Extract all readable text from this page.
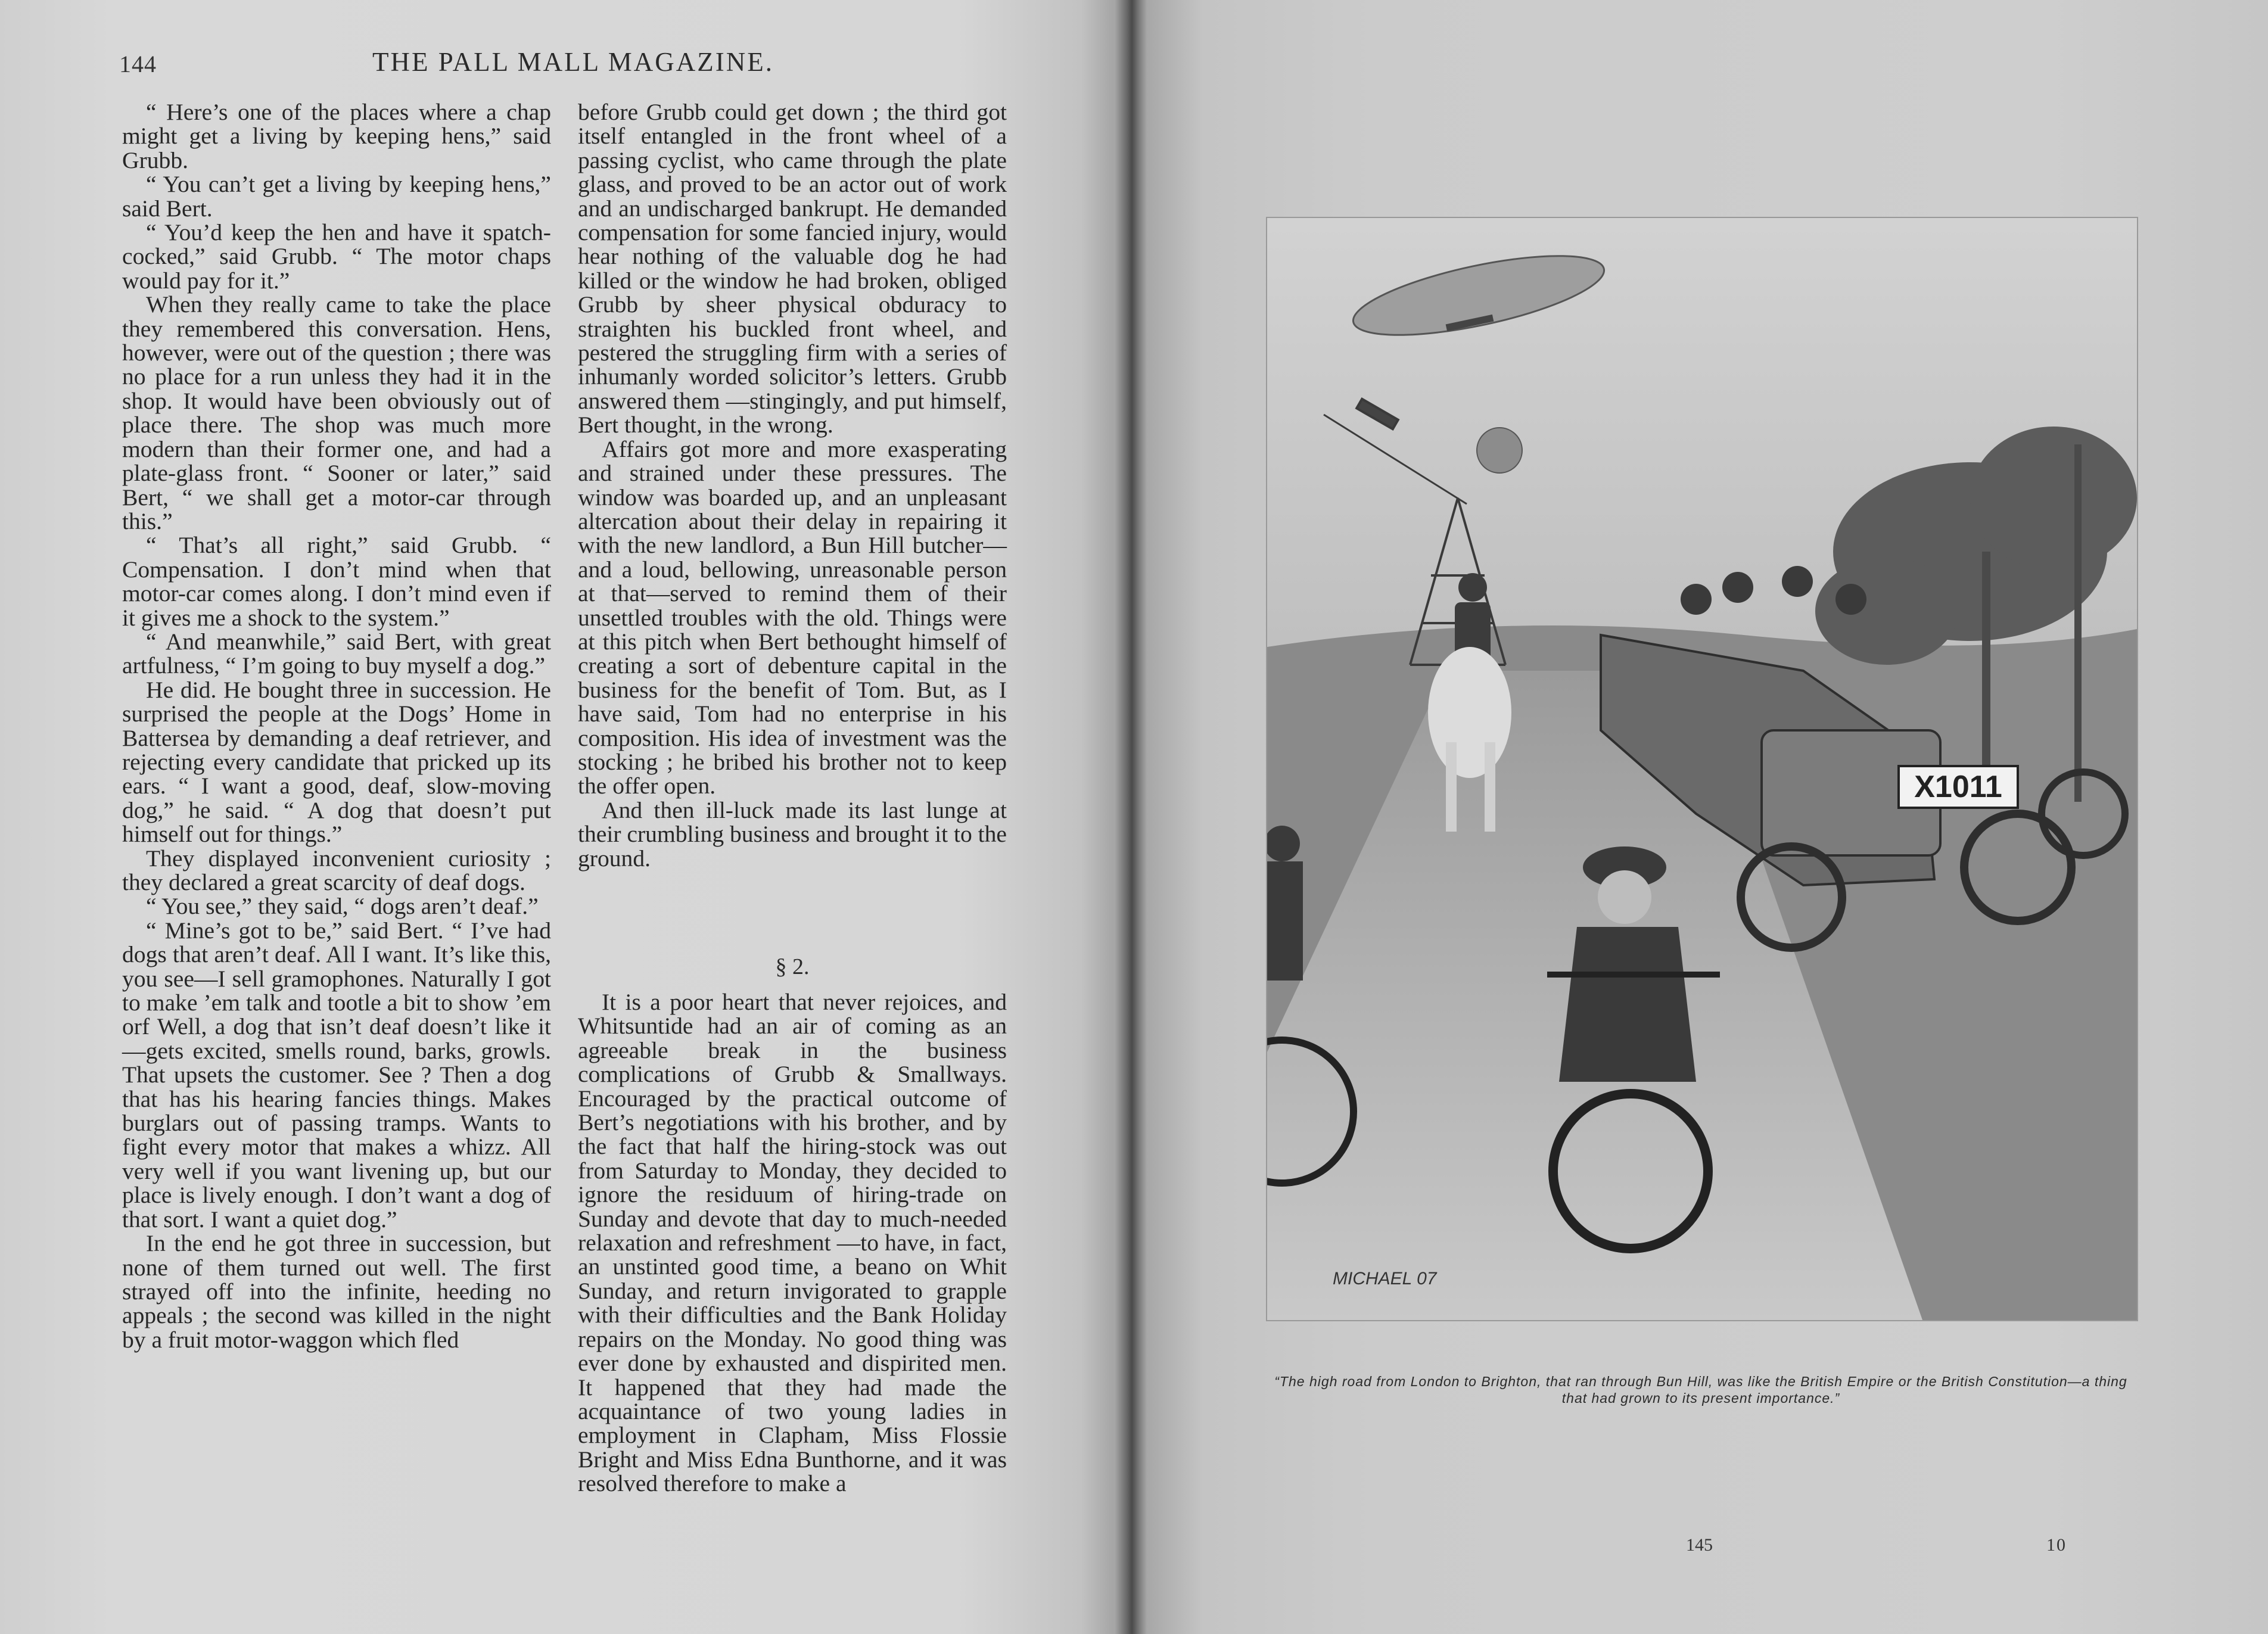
144	THE PALL MALL MAGAZINE.

“ Here’s one of the places where a chap might get a living by keeping hens,” said Grubb.

“ You can’t get a living by keeping hens,” said Bert.

“ You’d keep the hen and have it spatch-cocked,” said Grubb. “ The motor chaps would pay for it.”

When they really came to take the place they remembered this conversation. Hens, however, were out of the question ; there was no place for a run unless they had it in the shop. It would have been obviously out of place there. The shop was much more modern than their former one, and had a plate-glass front. “ Sooner or later,” said Bert, “ we shall get a motor-car through this.”

“ That’s all right,” said Grubb. “ Compensation. I don’t mind when that motor-car comes along. I don’t mind even if it gives me a shock to the system.”

“ And meanwhile,” said Bert, with great artfulness, “ I’m going to buy myself a dog.”

He did. He bought three in succession. He surprised the people at the Dogs’ Home in Battersea by demanding a deaf retriever, and rejecting every candidate that pricked up its ears. “ I want a good, deaf, slow-moving dog,” he said. “ A dog that doesn’t put himself out for things.”

They displayed inconvenient curiosity ; they declared a great scarcity of deaf dogs.

“ You see,” they said, “ dogs aren’t deaf.”

“ Mine’s got to be,” said Bert. “ I’ve had dogs that aren’t deaf. All I want. It’s like this, you see—I sell gramophones. Naturally I got to make ’em talk and tootle a bit to show ’em orf Well, a dog that isn’t deaf doesn’t like it—gets excited, smells round, barks, growls. That upsets the customer. See ? Then a dog that has his hearing fancies things. Makes burglars out of passing tramps. Wants to fight every motor that makes a whizz. All very well if you want livening up, but our place is lively enough. I don’t want a dog of that sort. I want a quiet dog.”

In the end he got three in succession, but none of them turned out well. The first strayed off into the infinite, heeding no appeals ; the second was killed in the night by a fruit motor-waggon which fled

before Grubb could get down ; the third got itself entangled in the front wheel of a passing cyclist, who came through the plate glass, and proved to be an actor out of work and an undischarged bankrupt. He demanded compensation for some fancied injury, would hear nothing of the valuable dog he had killed or the window he had broken, obliged Grubb by sheer physical obduracy to straighten his buckled front wheel, and pestered the struggling firm with a series of inhumanly worded solicitor’s letters. Grubb answered them —stingingly, and put himself, Bert thought, in the wrong.

Affairs got more and more exasperating and strained under these pressures. The window was boarded up, and an unpleasant altercation about their delay in repairing it with the new landlord, a Bun Hill butcher—and a loud, bellowing, unreasonable person at that—served to remind them of their unsettled troubles with the old. Things were at this pitch when Bert bethought himself of creating a sort of debenture capital in the business for the benefit of Tom. But, as I have said, Tom had no enterprise in his composition. His idea of investment was the stocking ; he bribed his brother not to keep the offer open.

And then ill-luck made its last lunge at their crumbling business and brought it to the ground.

§ 2.

It is a poor heart that never rejoices, and Whitsuntide had an air of coming as an agreeable break in the business complications of Grubb & Smallways. Encouraged by the practical outcome of Bert’s negotiations with his brother, and by the fact that half the hiring-stock was out from Saturday to Monday, they decided to ignore the residuum of hiring-trade on Sunday and devote that day to much-needed relaxation and refreshment —to have, in fact, an unstinted good time, a beano on Whit Sunday, and return invigorated to grapple with their difficulties and the Bank Holiday repairs on the Monday. No good thing was ever done by exhausted and dispirited men. It happened that they had made the acquaintance of two young ladies in employment in Clapham, Miss Flossie Bright and Miss Edna Bunthorne, and it was resolved therefore to make a

X1011
MICHAEL 07
“The high road from London to Brighton, that ran through Bun Hill, was like the British Empire or the British Constitution—a thing that had grown to its present importance.”
145	10
